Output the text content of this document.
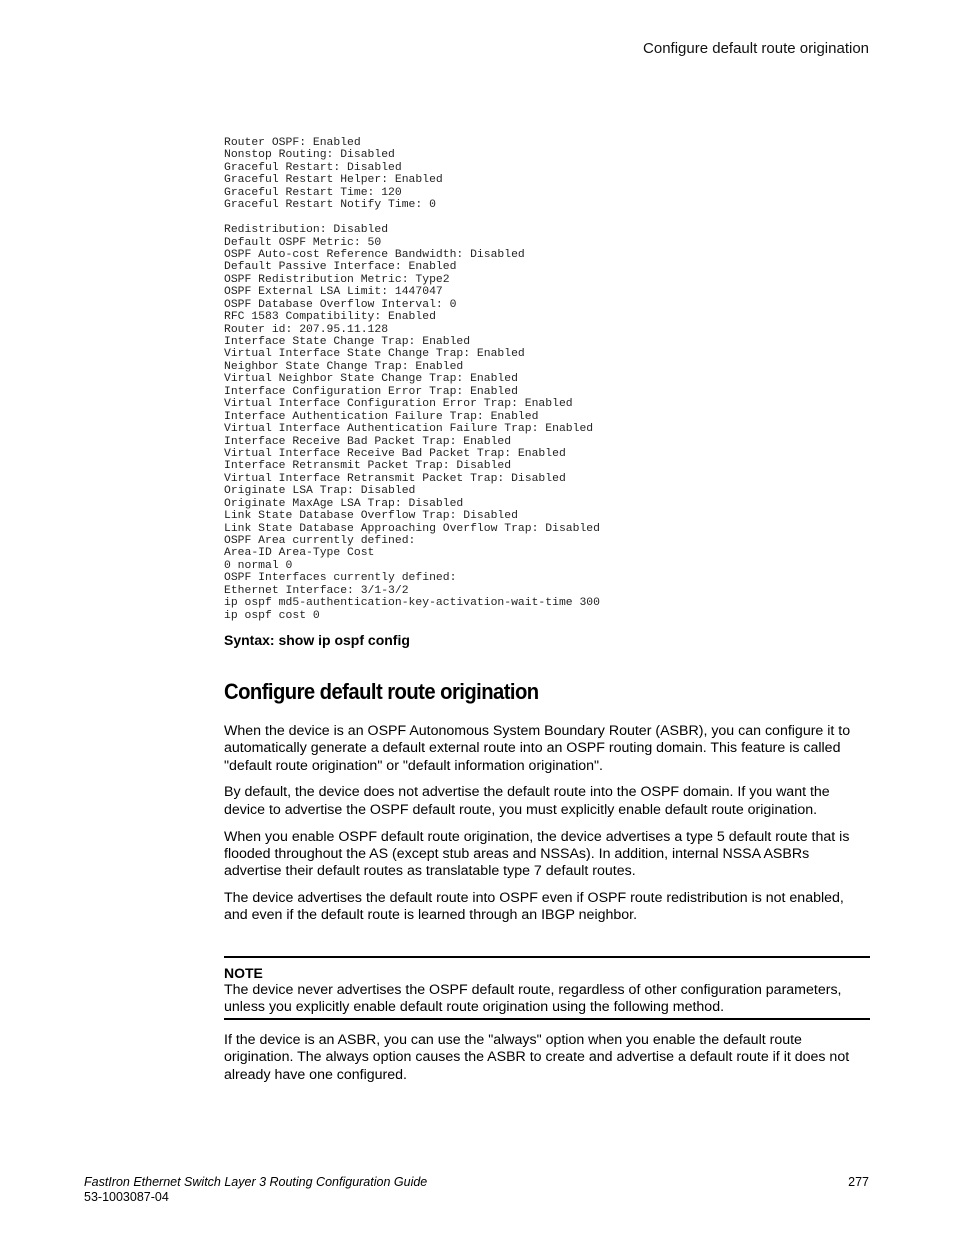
Configure default route origination
Router OSPF: Enabled
Nonstop Routing: Disabled
Graceful Restart: Disabled
Graceful Restart Helper: Enabled
Graceful Restart Time: 120
Graceful Restart Notify Time: 0
Redistribution: Disabled
Default OSPF Metric: 50
OSPF Auto-cost Reference Bandwidth: Disabled
Default Passive Interface: Enabled
OSPF Redistribution Metric: Type2
OSPF External LSA Limit: 1447047
OSPF Database Overflow Interval: 0
RFC 1583 Compatibility: Enabled
Router id: 207.95.11.128
Interface State Change Trap: Enabled
Virtual Interface State Change Trap: Enabled
Neighbor State Change Trap: Enabled
Virtual Neighbor State Change Trap: Enabled
Interface Configuration Error Trap: Enabled
Virtual Interface Configuration Error Trap: Enabled
Interface Authentication Failure Trap: Enabled
Virtual Interface Authentication Failure Trap: Enabled
Interface Receive Bad Packet Trap: Enabled
Virtual Interface Receive Bad Packet Trap: Enabled
Interface Retransmit Packet Trap: Disabled
Virtual Interface Retransmit Packet Trap: Disabled
Originate LSA Trap: Disabled
Originate MaxAge LSA Trap: Disabled
Link State Database Overflow Trap: Disabled
Link State Database Approaching Overflow Trap: Disabled
OSPF Area currently defined:
Area-ID Area-Type Cost
0 normal 0
OSPF Interfaces currently defined:
Ethernet Interface: 3/1-3/2
ip ospf md5-authentication-key-activation-wait-time 300
ip ospf cost 0
Syntax: show ip ospf config
Configure default route origination

When the device is an OSPF Autonomous System Boundary Router (ASBR), you can configure it to automatically generate a default external route into an OSPF routing domain. This feature is called "default route origination" or "default information origination".

By default, the device does not advertise the default route into the OSPF domain. If you want the device to advertise the OSPF default route, you must explicitly enable default route origination.

When you enable OSPF default route origination, the device advertises a type 5 default route that is flooded throughout the AS (except stub areas and NSSAs). In addition, internal NSSA ASBRs advertise their default routes as translatable type 7 default routes.

The device advertises the default route into OSPF even if OSPF route redistribution is not enabled, and even if the default route is learned through an IBGP neighbor.

NOTE
The device never advertises the OSPF default route, regardless of other configuration parameters, unless you explicitly enable default route origination using the following method.

If the device is an ASBR, you can use the "always" option when you enable the default route origination. The always option causes the ASBR to create and advertise a default route if it does not already have one configured.

FastIron Ethernet Switch Layer 3 Routing Configuration Guide
53-1003087-04
277
